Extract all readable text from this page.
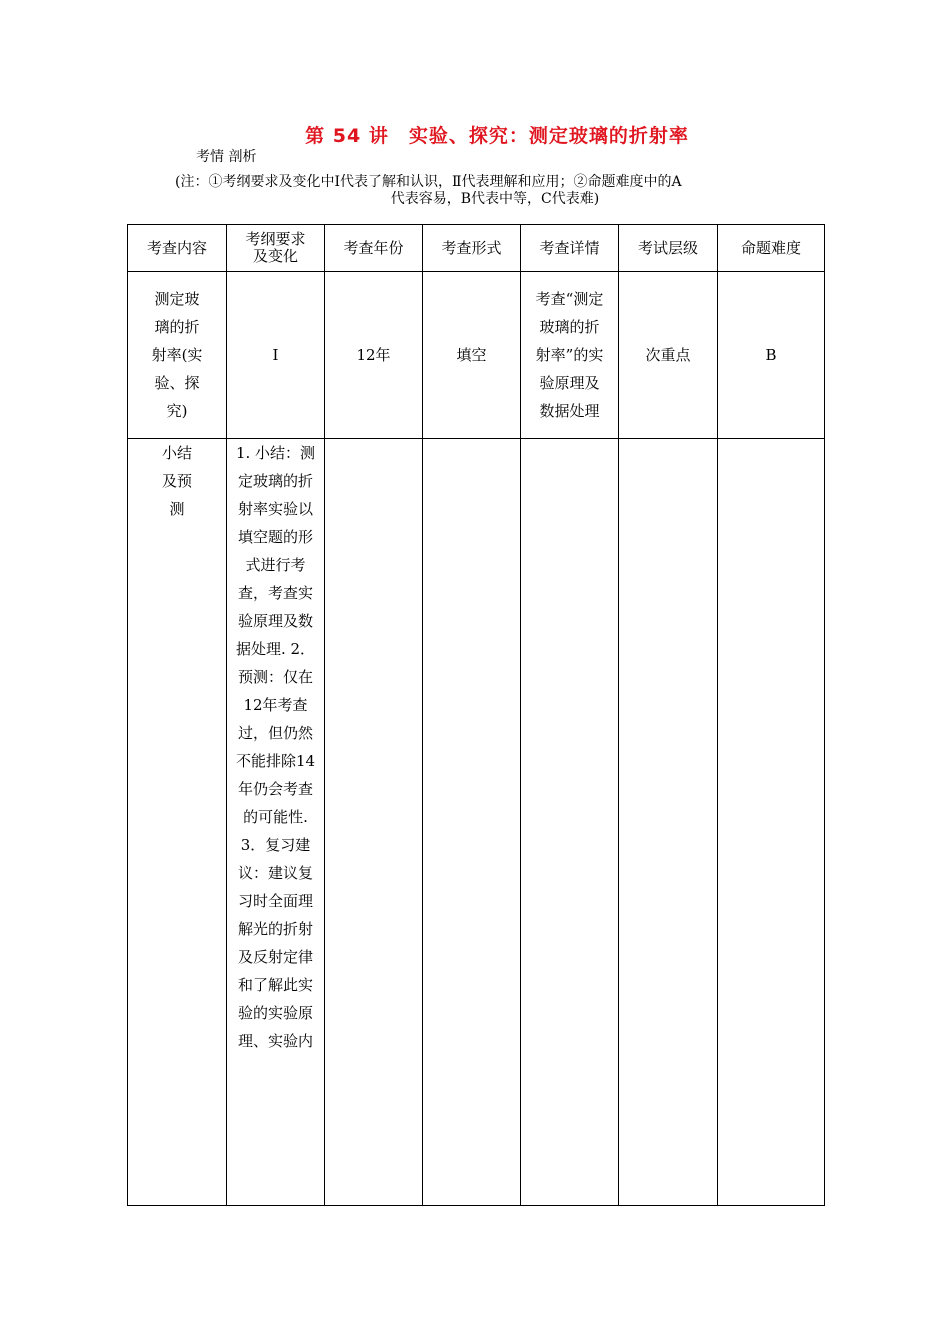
第 54 讲　实验、探究：测定玻璃的折射率
考情 剖析
(注：①考纲要求及变化中Ⅰ代表了解和认识，Ⅱ代表理解和应用；②命题难度中的A
代表容易，B代表中等，C代表难)
考查内容	考纲要求及变化	考查年份	考查形式	考查详情	考试层级	命题难度
测定玻璃的折射率(实验、探究)	Ⅰ	12年	填空	考查“测定玻璃的折射率”的实验原理及数据处理	次重点	B
小结及预测	1. 小结：测定玻璃的折射率实验以填空题的形式进行考查，考查实验原理及数据处理. 2．预测：仅在12年考查过，但仍然不能排除14年仍会考查的可能性. 3．复习建议：建议复习时全面理解光的折射及反射定律和了解此实验的实验原理、实验内					
